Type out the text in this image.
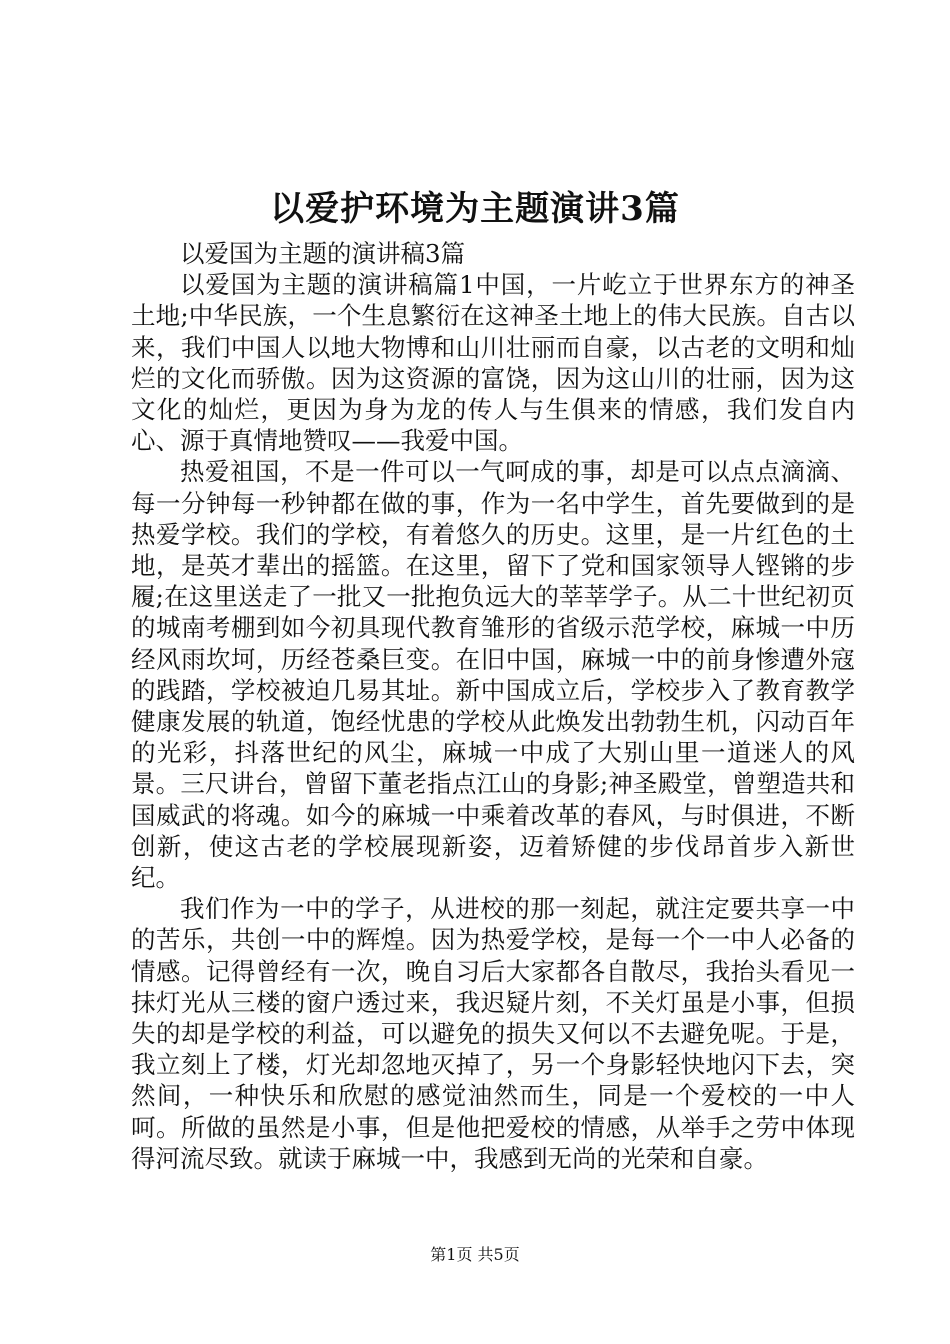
以爱护环境为主题演讲3篇

以爱国为主题的演讲稿3篇

以爱国为主题的演讲稿篇1中国，一片屹立于世界东方的神圣土地;中华民族，一个生息繁衍在这神圣土地上的伟大民族。自古以来，我们中国人以地大物博和山川壮丽而自豪，以古老的文明和灿烂的文化而骄傲。因为这资源的富饶，因为这山川的壮丽，因为这文化的灿烂，更因为身为龙的传人与生俱来的情感，我们发自内心、源于真情地赞叹——我爱中国。

热爱祖国，不是一件可以一气呵成的事，却是可以点点滴滴、每一分钟每一秒钟都在做的事，作为一名中学生，首先要做到的是热爱学校。我们的学校，有着悠久的历史。这里，是一片红色的土地，是英才辈出的摇篮。在这里，留下了党和国家领导人铿锵的步履;在这里送走了一批又一批抱负远大的莘莘学子。从二十世纪初页的城南考棚到如今初具现代教育雏形的省级示范学校，麻城一中历经风雨坎坷，历经苍桑巨变。在旧中国，麻城一中的前身惨遭外寇的践踏，学校被迫几易其址。新中国成立后，学校步入了教育教学健康发展的轨道，饱经忧患的学校从此焕发出勃勃生机，闪动百年的光彩，抖落世纪的风尘，麻城一中成了大别山里一道迷人的风景。三尺讲台，曾留下董老指点江山的身影;神圣殿堂，曾塑造共和国威武的将魂。如今的麻城一中乘着改革的春风，与时俱进，不断创新，使这古老的学校展现新姿，迈着矫健的步伐昂首步入新世纪。

我们作为一中的学子，从进校的那一刻起，就注定要共享一中的苦乐，共创一中的辉煌。因为热爱学校，是每一个一中人必备的情感。记得曾经有一次，晚自习后大家都各自散尽，我抬头看见一抹灯光从三楼的窗户透过来，我迟疑片刻，不关灯虽是小事，但损失的却是学校的利益，可以避免的损失又何以不去避免呢。于是，我立刻上了楼，灯光却忽地灭掉了，另一个身影轻快地闪下去，突然间，一种快乐和欣慰的感觉油然而生，同是一个爱校的一中人呵。所做的虽然是小事，但是他把爱校的情感，从举手之劳中体现得河流尽致。就读于麻城一中，我感到无尚的光荣和自豪。

第1页 共5页
